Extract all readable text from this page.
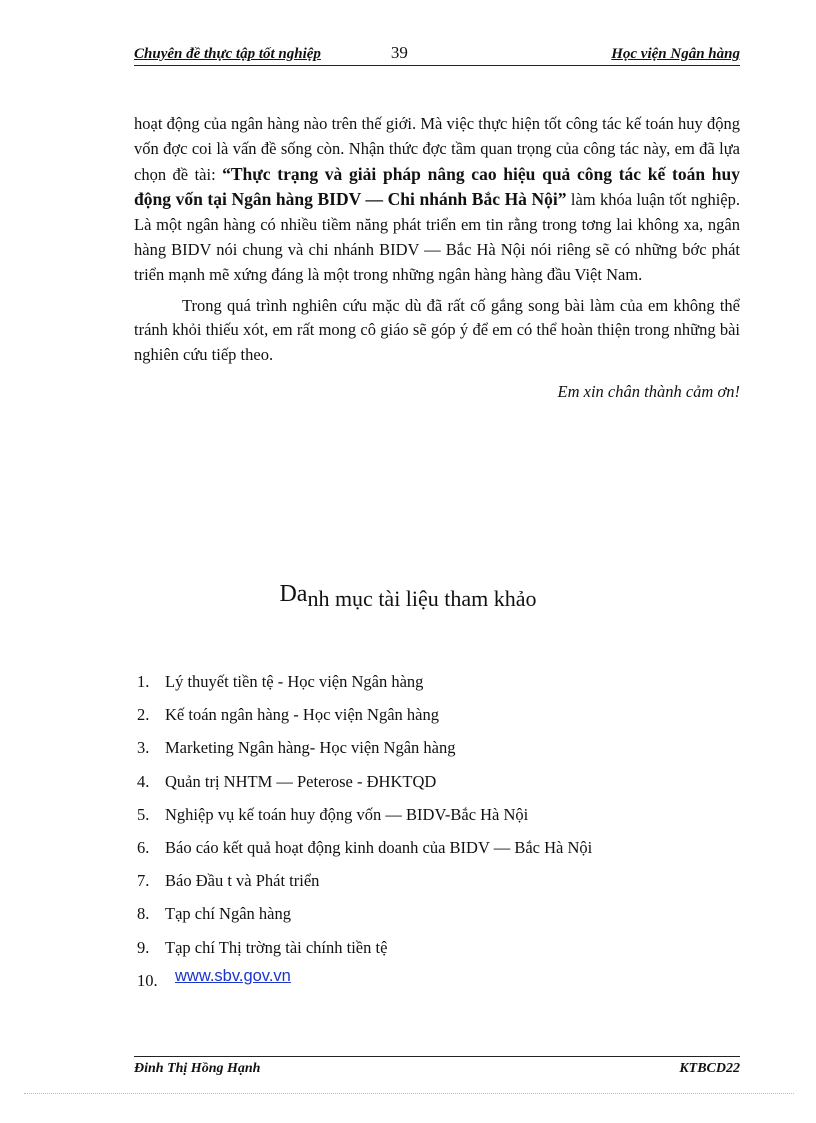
Chuyên đề thực tập tốt nghiệp	39	Học viện Ngân hàng

hoạt động của ngân hàng nào trên thế giới. Mà việc thực hiện tốt công tác kế toán huy động vốn đợc coi là vấn đề sống còn. Nhận thức đợc tầm quan trọng của công tác này, em đã lựa chọn đề tài: “Thực trạng và giải pháp nâng cao hiệu quả công tác kế toán huy động vốn tại Ngân hàng BIDV — Chi nhánh Bắc Hà Nội” làm khóa luận tốt nghiệp. Là một ngân hàng có nhiều tiềm năng phát triển em tin rằng trong tơng lai không xa, ngân hàng BIDV nói chung và chi nhánh BIDV — Bắc Hà Nội nói riêng sẽ có những bớc phát triển mạnh mẽ xứng đáng là một trong những ngân hàng hàng đầu Việt Nam.

Trong quá trình nghiên cứu mặc dù đã rất cố gắng song bài làm của em không thể tránh khỏi thiếu xót, em rất mong cô giáo sẽ góp ý để em có thể hoàn thiện trong những bài nghiên cứu tiếp theo.

Em xin chân thành cảm ơn!

Danh mục tài liệu tham khảo
1. Lý thuyết tiền tệ - Học viện Ngân hàng
2. Kế toán ngân hàng - Học viện Ngân hàng
3. Marketing Ngân hàng- Học viện Ngân hàng
4. Quản trị NHTM — Peterose - ĐHKTQD
5. Nghiệp vụ kế toán huy động vốn — BIDV-Bắc Hà Nội
6. Báo cáo kết quả hoạt động kinh doanh của BIDV — Bắc Hà Nội
7. Báo Đầu t và Phát triển
8. Tạp chí Ngân hàng
9. Tạp chí Thị trờng tài chính tiền tệ
10.	www.sbv.gov.vn
Đinh Thị Hồng Hạnh	KTBCD22
